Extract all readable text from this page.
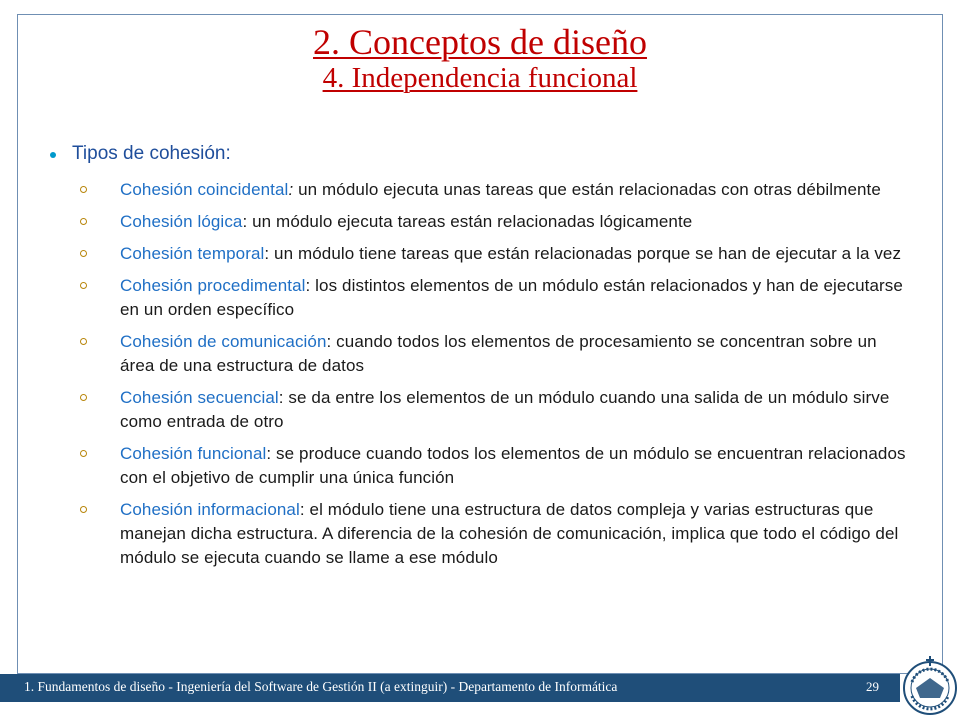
2. Conceptos de diseño
4. Independencia funcional
Tipos de cohesión:
Cohesión coincidental: un módulo ejecuta unas tareas que están relacionadas con otras débilmente
Cohesión lógica: un módulo ejecuta tareas están relacionadas lógicamente
Cohesión temporal: un módulo tiene tareas que están relacionadas porque se han de ejecutar a la vez
Cohesión procedimental: los distintos elementos de un módulo están relacionados y han de ejecutarse en un orden específico
Cohesión de comunicación: cuando todos los elementos de procesamiento se concentran sobre un área de una estructura de datos
Cohesión secuencial: se da entre los elementos de un módulo cuando una salida de un módulo sirve como entrada de otro
Cohesión funcional: se produce cuando todos los elementos de un módulo se encuentran relacionados con el objetivo de cumplir una única función
Cohesión informacional: el módulo tiene una estructura de datos compleja y varias estructuras que manejan dicha estructura. A diferencia de la cohesión de comunicación, implica que todo el código del módulo se ejecuta cuando se llame a ese módulo
1. Fundamentos de diseño - Ingeniería del Software de Gestión II (a extinguir) - Departamento de Informática	29
